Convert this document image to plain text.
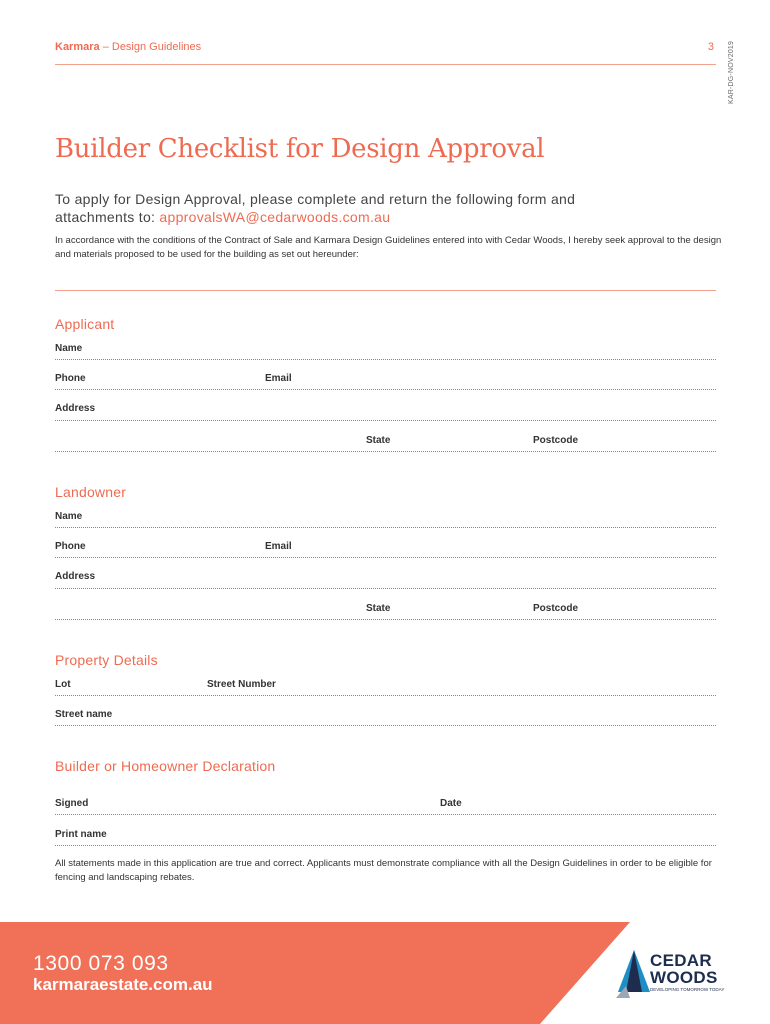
Karmara – Design Guidelines	3 KAR-DG-NOV2019
Builder Checklist for Design Approval
To apply for Design Approval, please complete and return the following form and
attachments to: approvalsWA@cedarwoods.com.au
In accordance with the conditions of the Contract of Sale and Karmara Design Guidelines entered into with Cedar Woods, I hereby seek approval to the design and materials proposed to be used for the building as set out hereunder:
Applicant
Name
Phone	Email
Address
State	Postcode
Landowner
Name
Phone	Email
Address
State	Postcode
Property Details
Lot	Street Number
Street name
Builder or Homeowner Declaration
Signed	Date
Print name
All statements made in this application are true and correct. Applicants must demonstrate compliance with all the Design Guidelines in order to be eligible for fencing and landscaping rebates.
1300 073 093
karmaraestate.com.au
CEDAR
WOODS
DEVELOPING TOMORROW TODAY
